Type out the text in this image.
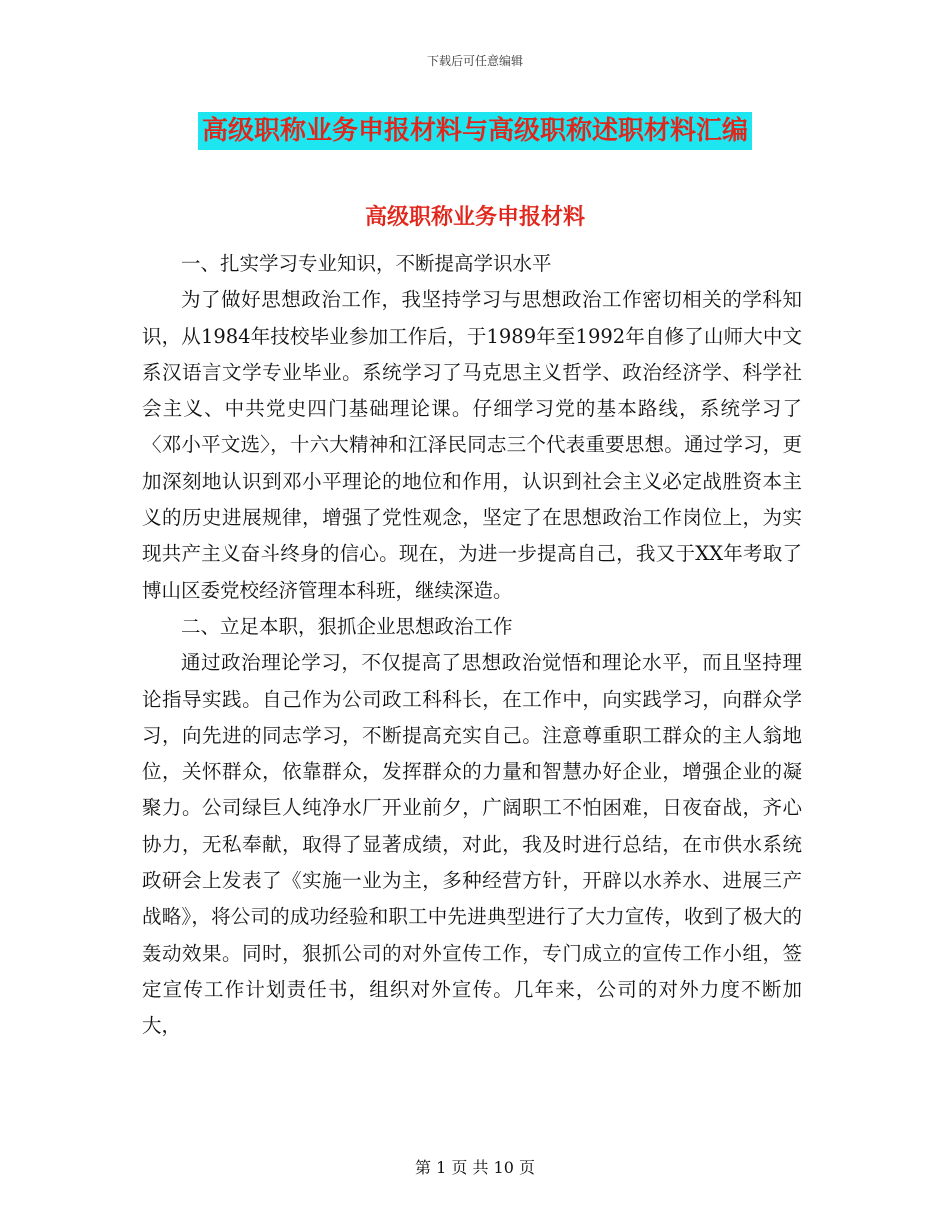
下载后可任意编辑
高级职称业务申报材料与高级职称述职材料汇编
高级职称业务申报材料

一、扎实学习专业知识，不断提高学识水平

为了做好思想政治工作，我坚持学习与思想政治工作密切相关的学科知识，从1984年技校毕业参加工作后，于1989年至1992年自修了山师大中文系汉语言文学专业毕业。系统学习了马克思主义哲学、政治经济学、科学社会主义、中共党史四门基础理论课。仔细学习党的基本路线，系统学习了〈邓小平文选〉，十六大精神和江泽民同志三个代表重要思想。通过学习，更加深刻地认识到邓小平理论的地位和作用，认识到社会主义必定战胜资本主义的历史进展规律，增强了党性观念，坚定了在思想政治工作岗位上，为实现共产主义奋斗终身的信心。现在，为进一步提高自己，我又于XX年考取了博山区委党校经济管理本科班，继续深造。

二、立足本职，狠抓企业思想政治工作

通过政治理论学习，不仅提高了思想政治觉悟和理论水平，而且坚持理论指导实践。自己作为公司政工科科长，在工作中，向实践学习，向群众学习，向先进的同志学习，不断提高充实自己。注意尊重职工群众的主人翁地位，关怀群众，依靠群众，发挥群众的力量和智慧办好企业，增强企业的凝聚力。公司绿巨人纯净水厂开业前夕，广阔职工不怕困难，日夜奋战，齐心协力，无私奉献，取得了显著成绩，对此，我及时进行总结，在市供水系统政研会上发表了《实施一业为主，多种经营方针，开辟以水养水、进展三产战略》，将公司的成功经验和职工中先进典型进行了大力宣传，收到了极大的轰动效果。同时，狠抓公司的对外宣传工作，专门成立的宣传工作小组，签定宣传工作计划责任书，组织对外宣传。几年来，公司的对外力度不断加大，

第 1 页 共 10 页
